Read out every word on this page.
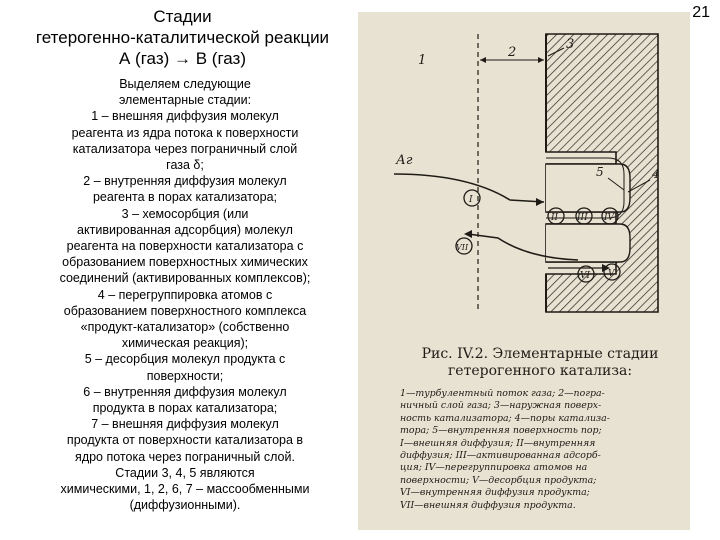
21
Стадии
гетерогенно-каталитической реакции
А (газ) → В (газ)
Выделяем следующие
элементарные стадии:
1 – внешняя диффузия молекул
реагента из ядра потока к поверхности
катализатора через пограничный слой
газа δ;
2 – внутренняя диффузия молекул
реагента в порах катализатора;
3 – хемосорбция (или
активированная адсорбция) молекул
реагента на поверхности катализатора с
образованием поверхностных химических
соединений (активированных комплексов);
4 – перегруппировка атомов с
образованием поверхностного комплекса
«продукт-катализатор» (собственно
химическая реакция);
5 – десорбция молекул продукта с
поверхности;
6 – внутренняя диффузия молекул
продукта в порах катализатора;
7 – внешняя диффузия молекул
продукта от поверхности катализатора в
ядро потока через пограничный слой.
Стадии 3, 4, 5 являются
химическими, 1, 2, 6, 7 – массообменными
(диффузионными).
1
2
3
4
5
Аг
I
II III IV
V
VI
VII
Рис. IV.2. Элементарные стадии
гетерогенного катализа:
1—турбулентный поток газа; 2—погра-
ничный слой газа; 3—наружная поверх-
ность катализатора; 4—поры катализа-
тора; 5—внутренняя поверхность пор;
I—внешняя диффузия; II—внутренняя
диффузия; III—активированная адсорб-
ция; IV—перегруппировка атомов на
поверхности; V—десорбция продукта;
VI—внутренняя диффузия продукта;
VII—внешняя диффузия продукта.
